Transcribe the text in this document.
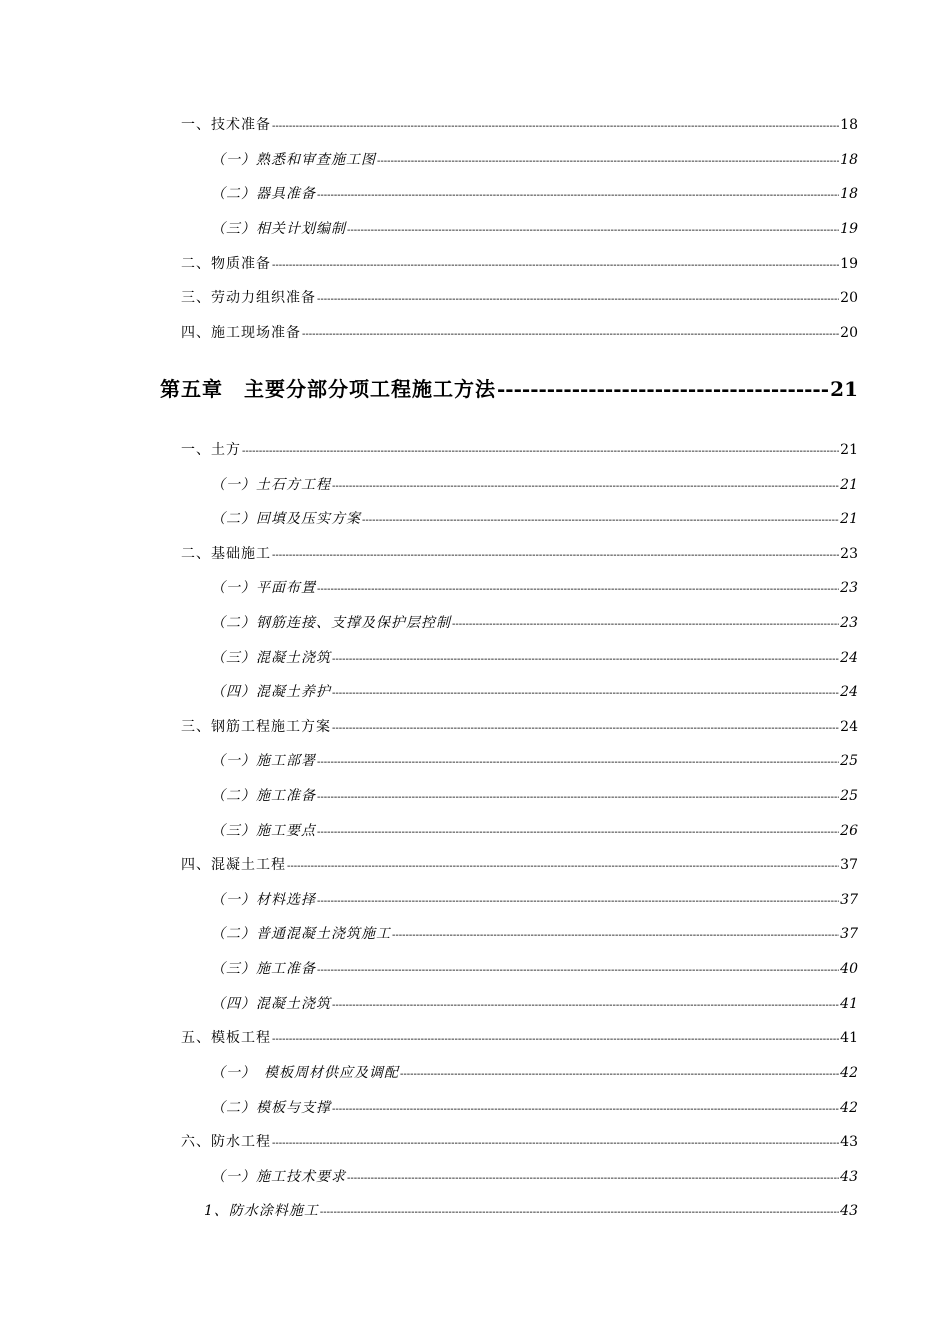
一、技术准备 -----	18
（一）熟悉和审查施工图 -----	18
（二）器具准备 -----	18
（三）相关计划编制 -----	19
二、物质准备 -----	19
三、劳动力组织准备 -----	20
四、施工现场准备 -----	20
第五章　主要分部分项工程施工方法 -----	21
一、土方 -----	21
（一）土石方工程 -----	21
（二）回填及压实方案 -----	21
二、基础施工 -----	23
（一）平面布置 -----	23
（二）钢筋连接、支撑及保护层控制 -----	23
（三）混凝土浇筑 -----	24
（四）混凝土养护 -----	24
三、钢筋工程施工方案 -----	24
（一）施工部署 -----	25
（二）施工准备 -----	25
（三）施工要点 -----	26
四、混凝土工程 -----	37
（一）材料选择 -----	37
（二）普通混凝土浇筑施工 -----	37
（三）施工准备 -----	40
（四）混凝土浇筑 -----	41
五、模板工程 -----	41
（一）　模板周材供应及调配 -----	42
（二）模板与支撑 -----	42
六、防水工程 -----	43
（一）施工技术要求 -----	43
1、防水涂料施工 -----	43
